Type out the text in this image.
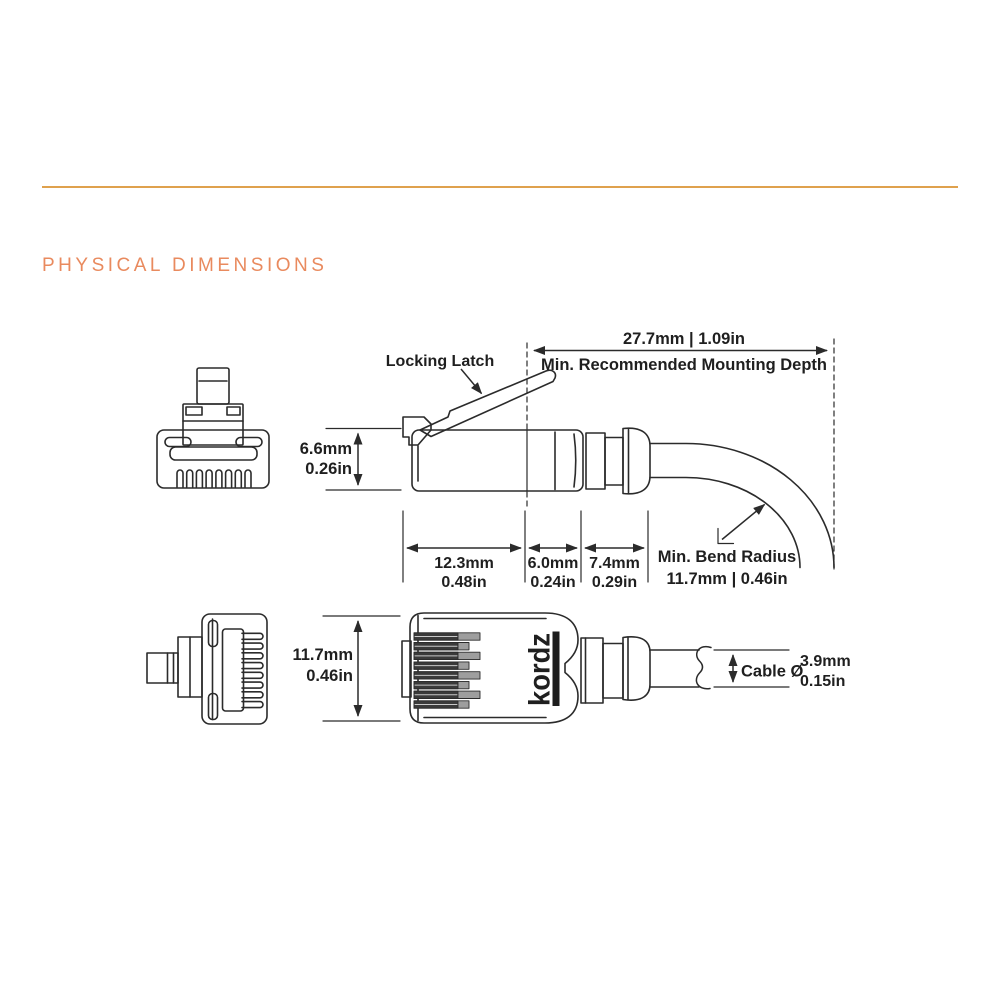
PHYSICAL DIMENSIONS
Locking Latch
27.7mm | 1.09in
Min. Recommended Mounting Depth
6.6mm
0.26in
12.3mm
0.48in
6.0mm
0.24in
7.4mm
0.29in
Min. Bend Radius
11.7mm | 0.46in
11.7mm
0.46in	Cable Ø
3.9mm
0.15in
kordz
